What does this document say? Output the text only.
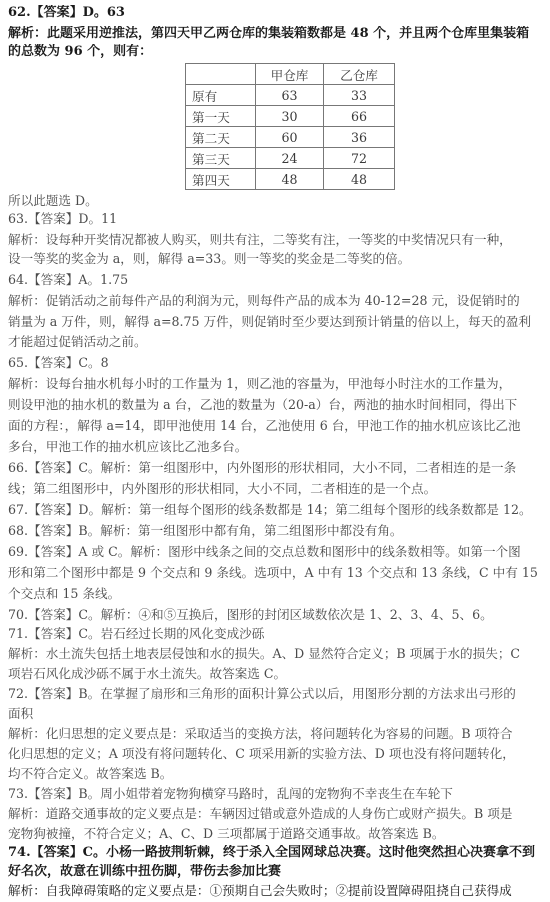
62.【答案】D。63
解析：此题采用逆推法，第四天甲乙两仓库的集装箱数都是 48 个，并且两个仓库里集装箱
的总数为 96 个，则有：
	甲仓库	乙仓库
原有	63	33
第一天	30	66
第二天	60	36
第三天	24	72
第四天	48	48
所以此题选 D。
63.【答案】D。11
解析：设每种开奖情况都被人购买，则共有注，二等奖有注，一等奖的中奖情况只有一种，
设一等奖的奖金为 a，则，解得 a=33。则一等奖的奖金是二等奖的倍。
64.【答案】A。1.75
解析：促销活动之前每件产品的利润为元，则每件产品的成本为 40-12=28 元，设促销时的
销量为 a 万件，则，解得 a=8.75 万件，则促销时至少要达到预计销量的倍以上，每天的盈利
才能超过促销活动之前。
65.【答案】C。8
解析：设每台抽水机每小时的工作量为 1，则乙池的容量为，甲池每小时注水的工作量为，
则设甲池的抽水机的数量为 a 台，乙池的数量为（20-a）台，两池的抽水时间相同，得出下
面的方程：，解得 a=14，即甲池使用 14 台，乙池使用 6 台，甲池工作的抽水机应该比乙池
多台，甲池工作的抽水机应该比乙池多台。
66.【答案】C。解析：第一组图形中，内外图形的形状相同，大小不同，二者相连的是一条
线；第二组图形中，内外图形的形状相同，大小不同，二者相连的是一个点。
67.【答案】D。解析：第一组每个图形的线条数都是 14；第二组每个图形的线条数都是 12。
68.【答案】B。解析：第一组图形中都有角，第二组图形中都没有角。
69.【答案】A 或 C。解析：图形中线条之间的交点总数和图形中的线条数相等。如第一个图
形和第二个图形中都是 9 个交点和 9 条线。选项中，A 中有 13 个交点和 13 条线，C 中有 15
个交点和 15 条线。
70.【答案】C。解析：④和⑤互换后，图形的封闭区域数依次是 1、2、3、4、5、6。
71.【答案】C。岩石经过长期的风化变成沙砾
解析：水土流失包括土地表层侵蚀和水的损失。A、D 显然符合定义；B 项属于水的损失；C
项岩石风化成沙砾不属于水土流失。故答案选 C。
72.【答案】B。在掌握了扇形和三角形的面积计算公式以后，用图形分割的方法求出弓形的
面积
解析：化归思想的定义要点是：采取适当的变换方法，将问题转化为容易的问题。B 项符合
化归思想的定义；A 项没有将问题转化、C 项采用新的实验方法、D 项也没有将问题转化，
均不符合定义。故答案选 B。
73.【答案】B。周小姐带着宠物狗横穿马路时，乱闯的宠物狗不幸丧生在车轮下
解析：道路交通事故的定义要点是：车辆因过错或意外造成的人身伤亡或财产损失。B 项是
宠物狗被撞，不符合定义；A、C、D 三项都属于道路交通事故。故答案选 B。
74.【答案】C。小杨一路披荆斩棘，终于杀入全国网球总决赛。这时他突然担心决赛拿不到
好名次，故意在训练中扭伤脚，带伤去参加比赛
解析：自我障碍策略的定义要点是：①预期自己会失败时；②提前设置障碍阻挠自己获得成
